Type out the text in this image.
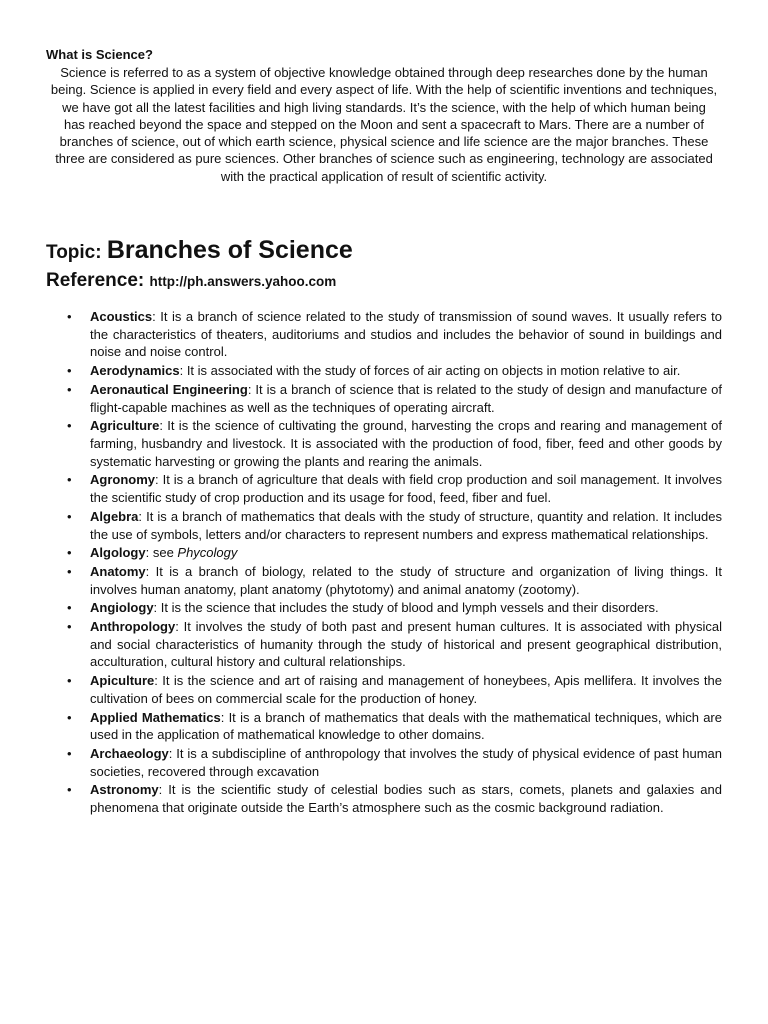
What is Science?

Science is referred to as a system of objective knowledge obtained through deep researches done by the human being. Science is applied in every field and every aspect of life. With the help of scientific inventions and techniques, we have got all the latest facilities and high living standards. It’s the science, with the help of which human being has reached beyond the space and stepped on the Moon and sent a spacecraft to Mars. There are a number of branches of science, out of which earth science, physical science and life science are the major branches. These three are considered as pure sciences. Other branches of science such as engineering, technology are associated with the practical application of result of scientific activity.

Topic: Branches of Science
Reference: http://ph.answers.yahoo.com
• Acoustics: It is a branch of science related to the study of transmission of sound waves. It usually refers to the characteristics of theaters, auditoriums and studios and includes the behavior of sound in buildings and noise and noise control.
• Aerodynamics: It is associated with the study of forces of air acting on objects in motion relative to air.
• Aeronautical Engineering: It is a branch of science that is related to the study of design and manufacture of flight-capable machines as well as the techniques of operating aircraft.
• Agriculture: It is the science of cultivating the ground, harvesting the crops and rearing and management of farming, husbandry and livestock. It is associated with the production of food, fiber, feed and other goods by systematic harvesting or growing the plants and rearing the animals.
• Agronomy: It is a branch of agriculture that deals with field crop production and soil management. It involves the scientific study of crop production and its usage for food, feed, fiber and fuel.
• Algebra: It is a branch of mathematics that deals with the study of structure, quantity and relation. It includes the use of symbols, letters and/or characters to represent numbers and express mathematical relationships.
• Algology: see Phycology
• Anatomy: It is a branch of biology, related to the study of structure and organization of living things. It involves human anatomy, plant anatomy (phytotomy) and animal anatomy (zootomy).
• Angiology: It is the science that includes the study of blood and lymph vessels and their disorders.
• Anthropology: It involves the study of both past and present human cultures. It is associated with physical and social characteristics of humanity through the study of historical and present geographical distribution, acculturation, cultural history and cultural relationships.
• Apiculture: It is the science and art of raising and management of honeybees, Apis mellifera. It involves the cultivation of bees on commercial scale for the production of honey.
• Applied Mathematics: It is a branch of mathematics that deals with the mathematical techniques, which are used in the application of mathematical knowledge to other domains.
• Archaeology: It is a subdiscipline of anthropology that involves the study of physical evidence of past human societies, recovered through excavation
• Astronomy: It is the scientific study of celestial bodies such as stars, comets, planets and galaxies and phenomena that originate outside the Earth’s atmosphere such as the cosmic background radiation.
